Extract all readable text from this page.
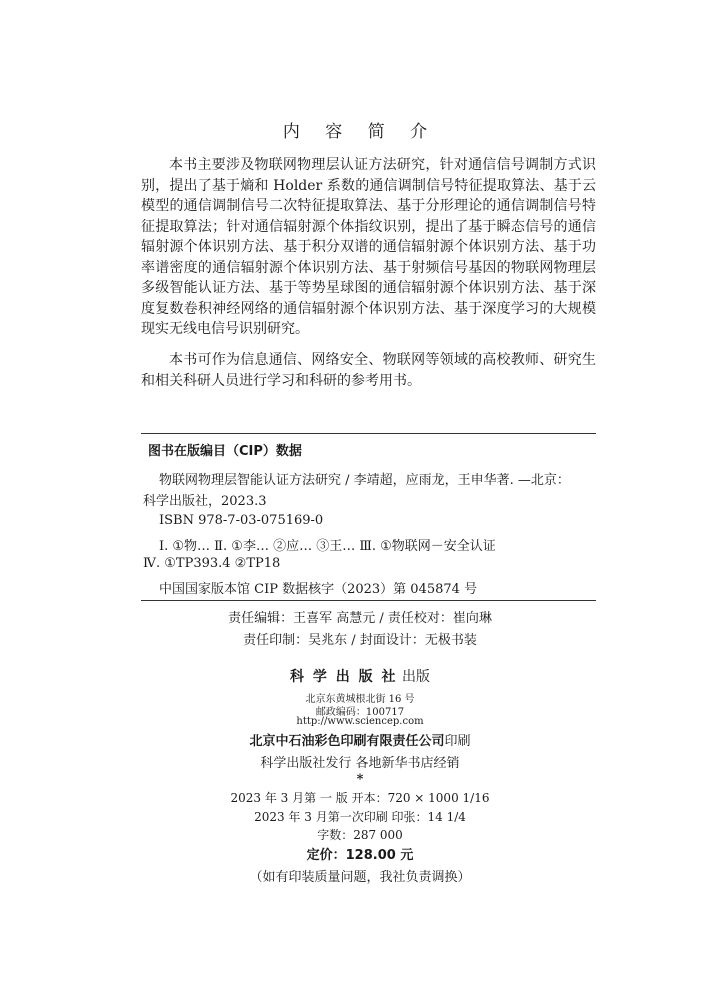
内 容 简 介

本书主要涉及物联网物理层认证方法研究，针对通信信号调制方式识别，提出了基于熵和 Holder 系数的通信调制信号特征提取算法、基于云模型的通信调制信号二次特征提取算法、基于分形理论的通信调制信号特征提取算法；针对通信辐射源个体指纹识别，提出了基于瞬态信号的通信辐射源个体识别方法、基于积分双谱的通信辐射源个体识别方法、基于功率谱密度的通信辐射源个体识别方法、基于射频信号基因的物联网物理层多级智能认证方法、基于等势星球图的通信辐射源个体识别方法、基于深度复数卷积神经网络的通信辐射源个体识别方法、基于深度学习的大规模现实无线电信号识别研究。

本书可作为信息通信、网络安全、物联网等领域的高校教师、研究生和相关科研人员进行学习和科研的参考用书。

图书在版编目（CIP）数据
物联网物理层智能认证方法研究 / 李靖超，应雨龙，王申华著. —北京：
科学出版社，2023.3
ISBN 978-7-03-075169-0
Ⅰ. ①物… Ⅱ. ①李… ②应… ③王… Ⅲ. ①物联网－安全认证
Ⅳ. ①TP393.4 ②TP18
中国国家版本馆 CIP 数据核字（2023）第 045874 号
责任编辑：王喜军 高慧元 / 责任校对：崔向琳
责任印制：吴兆东 / 封面设计：无极书装
科 学 出 版 社 出版
北京东黄城根北街 16 号
邮政编码：100717
http://www.sciencep.com
北京中石油彩色印刷有限责任公司印刷
科学出版社发行 各地新华书店经销
*
2023 年 3 月第 一 版 开本：720 × 1000 1/16
2023 年 3 月第一次印刷 印张：14 1/4
字数：287 000
定价：128.00 元
（如有印装质量问题，我社负责调换）
